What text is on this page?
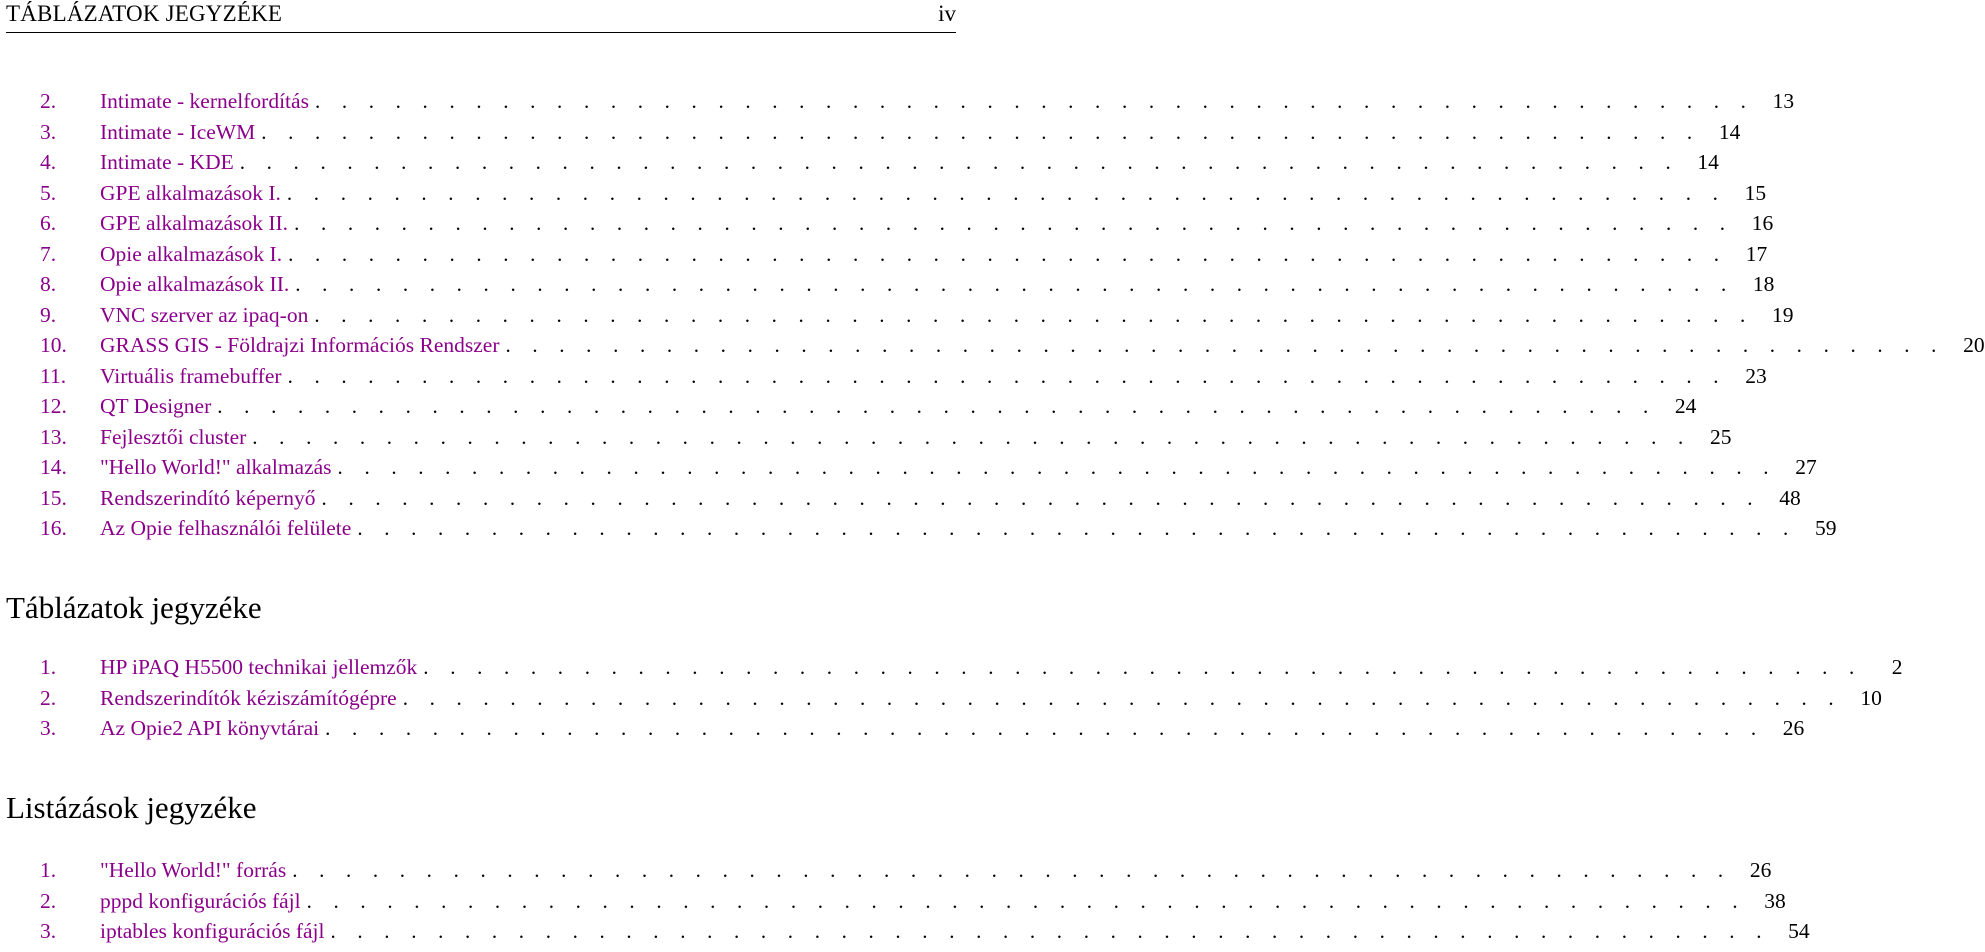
TÁBLÁZATOK JEGYZÉKE	iv
2.	Intimate - kernelfordítás . . . . . . . . . . . . . . . . . . . . . . . . . . . . . . . . . . . . . . . . . . . . . . . . . . . . . . 13
3.	Intimate - IceWM . . . . . . . . . . . . . . . . . . . . . . . . . . . . . . . . . . . . . . . . . . . . . . . . . . . . . . 14
4.	Intimate - KDE . . . . . . . . . . . . . . . . . . . . . . . . . . . . . . . . . . . . . . . . . . . . . . . . . . . . . . 14
5.	GPE alkalmazások I. . . . . . . . . . . . . . . . . . . . . . . . . . . . . . . . . . . . . . . . . . . . . . . . . . . . . . . 15
6.	GPE alkalmazások II. . . . . . . . . . . . . . . . . . . . . . . . . . . . . . . . . . . . . . . . . . . . . . . . . . . . . . . 16
7.	Opie alkalmazások I. . . . . . . . . . . . . . . . . . . . . . . . . . . . . . . . . . . . . . . . . . . . . . . . . . . . . . . 17
8.	Opie alkalmazások II. . . . . . . . . . . . . . . . . . . . . . . . . . . . . . . . . . . . . . . . . . . . . . . . . . . . . . . 18
9.	VNC szerver az ipaq-on . . . . . . . . . . . . . . . . . . . . . . . . . . . . . . . . . . . . . . . . . . . . . . . . . . . . . . 19
10.	GRASS GIS - Földrajzi Információs Rendszer . . . . . . . . . . . . . . . . . . . . . . . . . . . . . . . . . . . . . . . . . . . . . . . . . . . . . . 20
11.	Virtuális framebuffer . . . . . . . . . . . . . . . . . . . . . . . . . . . . . . . . . . . . . . . . . . . . . . . . . . . . . . 23
12.	QT Designer . . . . . . . . . . . . . . . . . . . . . . . . . . . . . . . . . . . . . . . . . . . . . . . . . . . . . . 24
13.	Fejlesztői cluster . . . . . . . . . . . . . . . . . . . . . . . . . . . . . . . . . . . . . . . . . . . . . . . . . . . . . . 25
14.	"Hello World!" alkalmazás . . . . . . . . . . . . . . . . . . . . . . . . . . . . . . . . . . . . . . . . . . . . . . . . . . . . . . 27
15.	Rendszerindító képernyő . . . . . . . . . . . . . . . . . . . . . . . . . . . . . . . . . . . . . . . . . . . . . . . . . . . . . . 48
16.	Az Opie felhasználói felülete . . . . . . . . . . . . . . . . . . . . . . . . . . . . . . . . . . . . . . . . . . . . . . . . . . . . . . 59
Táblázatok jegyzéke
1.	HP iPAQ H5500 technikai jellemzők . . . . . . . . . . . . . . . . . . . . . . . . . . . . . . . . . . . . . . . . . . . . . . . . . . . . . .	2
2.	Rendszerindítók kéziszámítógépre . . . . . . . . . . . . . . . . . . . . . . . . . . . . . . . . . . . . . . . . . . . . . . . . . . . . . . 10
3.	Az Opie2 API könyvtárai . . . . . . . . . . . . . . . . . . . . . . . . . . . . . . . . . . . . . . . . . . . . . . . . . . . . . . 26
Listázások jegyzéke
1.	"Hello World!" forrás . . . . . . . . . . . . . . . . . . . . . . . . . . . . . . . . . . . . . . . . . . . . . . . . . . . . . . 26
2.	pppd konfigurációs fájl . . . . . . . . . . . . . . . . . . . . . . . . . . . . . . . . . . . . . . . . . . . . . . . . . . . . . . 38
3.	iptables konfigurációs fájl . . . . . . . . . . . . . . . . . . . . . . . . . . . . . . . . . . . . . . . . . . . . . . . . . . . . . . 54
